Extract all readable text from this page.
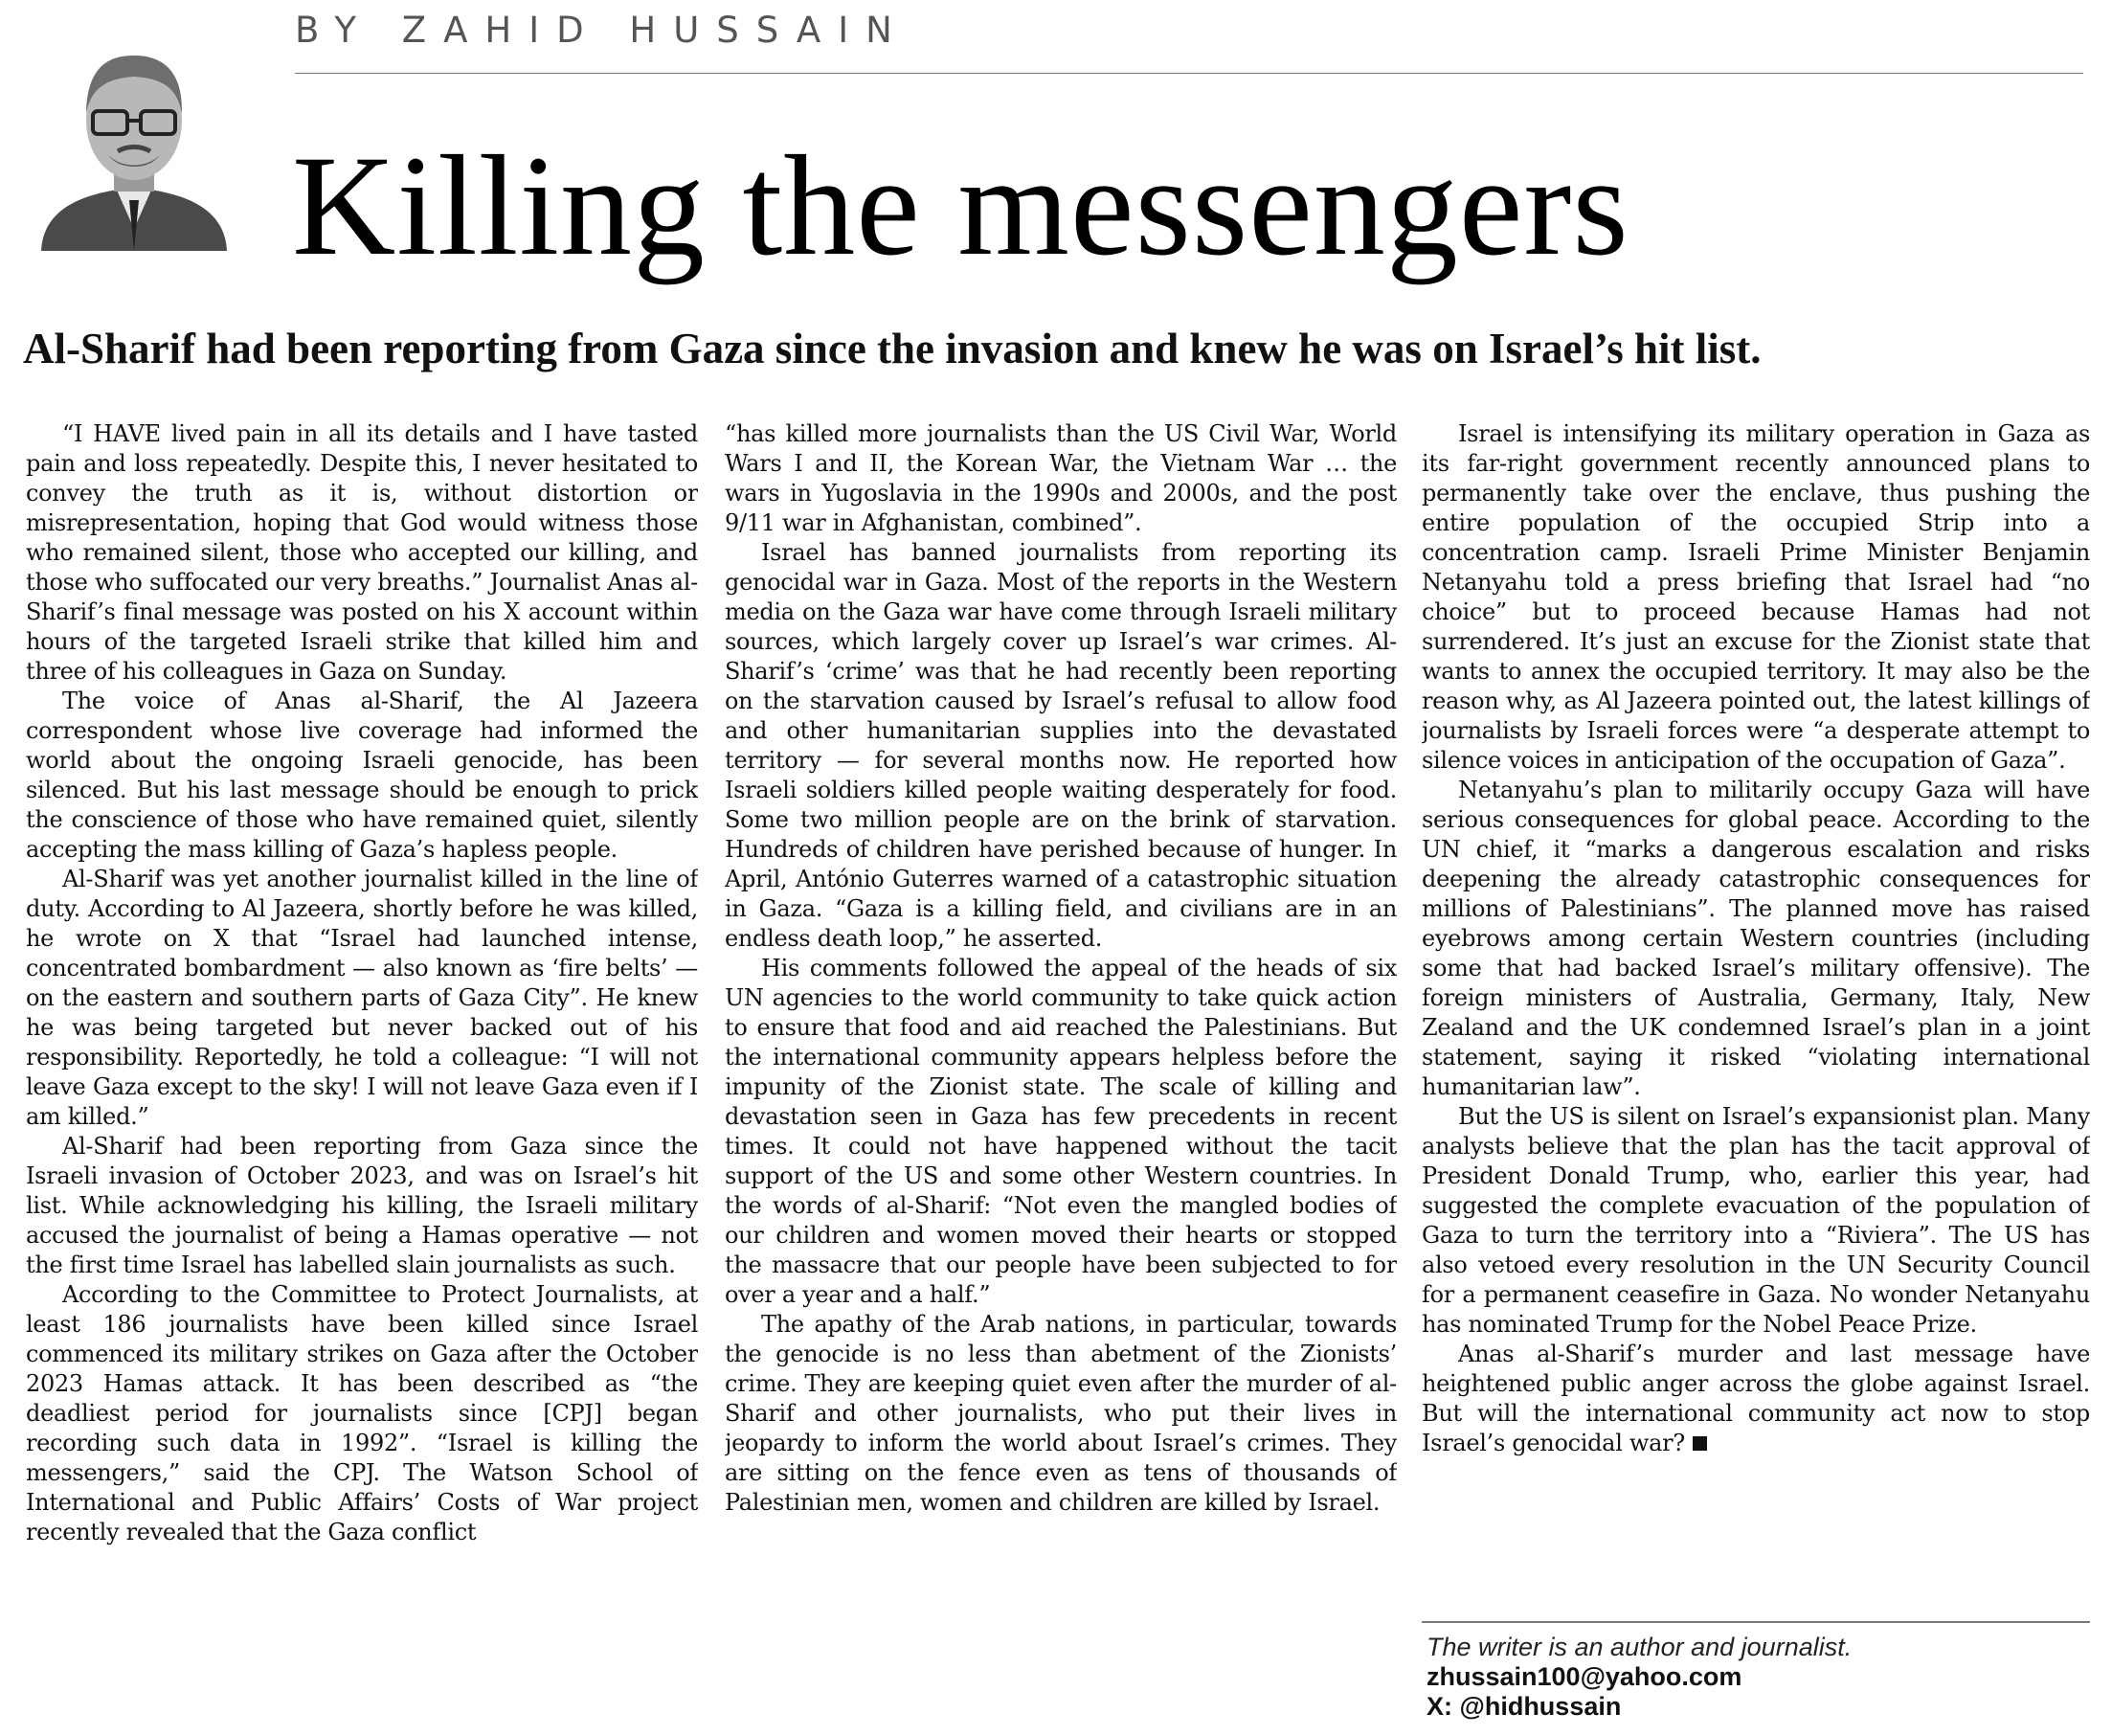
BY ZAHID HUSSAIN
Killing the messengers
Al-Sharif had been reporting from Gaza since the invasion and knew he was on Israel’s hit list.

“I HAVE lived pain in all its details and I have tasted pain and loss repeatedly. Despite this, I never hesitated to convey the truth as it is, without distortion or misrepresentation, hoping that God would witness those who remained silent, those who accepted our killing, and those who suffocated our very breaths.” Journalist Anas al-Sharif’s final message was posted on his X account within hours of the targeted Israeli strike that killed him and three of his colleagues in Gaza on Sunday.

The voice of Anas al-Sharif, the Al Jazeera correspondent whose live coverage had informed the world about the ongoing Israeli genocide, has been silenced. But his last message should be enough to prick the conscience of those who have remained quiet, silently accepting the mass killing of Gaza’s hapless people.

Al-Sharif was yet another journalist killed in the line of duty. According to Al Jazeera, shortly before he was killed, he wrote on X that “Israel had launched intense, concentrated bombardment — also known as ‘fire belts’ — on the eastern and southern parts of Gaza City”. He knew he was being targeted but never backed out of his responsibility. Reportedly, he told a colleague: “I will not leave Gaza except to the sky! I will not leave Gaza even if I am killed.”

Al-Sharif had been reporting from Gaza since the Israeli invasion of October 2023, and was on Israel’s hit list. While acknowledging his killing, the Israeli military accused the journalist of being a Hamas operative — not the first time Israel has labelled slain journalists as such.

According to the Committee to Protect Journalists, at least 186 journalists have been killed since Israel commenced its military strikes on Gaza after the October 2023 Hamas attack. It has been described as “the deadliest period for journalists since [CPJ] began recording such data in 1992”. “Israel is killing the messengers,” said the CPJ. The Watson School of International and Public Affairs’ Costs of War project recently revealed that the Gaza conflict

“has killed more journalists than the US Civil War, World Wars I and II, the Korean War, the Vietnam War … the wars in Yugoslavia in the 1990s and 2000s, and the post 9/11 war in Afghanistan, combined”.

Israel has banned journalists from reporting its genocidal war in Gaza. Most of the reports in the Western media on the Gaza war have come through Israeli military sources, which largely cover up Israel’s war crimes. Al-Sharif’s ‘crime’ was that he had recently been reporting on the starvation caused by Israel’s refusal to allow food and other humanitarian supplies into the devastated territory — for several months now. He reported how Israeli soldiers killed people waiting desperately for food. Some two million people are on the brink of starvation. Hundreds of children have perished because of hunger. In April, António Guterres warned of a catastrophic situation in Gaza. “Gaza is a killing field, and civilians are in an endless death loop,” he asserted.

His comments followed the appeal of the heads of six UN agencies to the world community to take quick action to ensure that food and aid reached the Palestinians. But the international community appears helpless before the impunity of the Zionist state. The scale of killing and devastation seen in Gaza has few precedents in recent times. It could not have happened without the tacit support of the US and some other Western countries. In the words of al-Sharif: “Not even the mangled bodies of our children and women moved their hearts or stopped the massacre that our people have been subjected to for over a year and a half.”

The apathy of the Arab nations, in particular, towards the genocide is no less than abetment of the Zionists’ crime. They are keeping quiet even after the murder of al-Sharif and other journalists, who put their lives in jeopardy to inform the world about Israel’s crimes. They are sitting on the fence even as tens of thousands of Palestinian men, women and children are killed by Israel.

Israel is intensifying its military operation in Gaza as its far-right government recently announced plans to permanently take over the enclave, thus pushing the entire population of the occupied Strip into a concentration camp. Israeli Prime Minister Benjamin Netanyahu told a press briefing that Israel had “no choice” but to proceed because Hamas had not surrendered. It’s just an excuse for the Zionist state that wants to annex the occupied territory. It may also be the reason why, as Al Jazeera pointed out, the latest killings of journalists by Israeli forces were “a desperate attempt to silence voices in anticipation of the occupation of Gaza”.

Netanyahu’s plan to militarily occupy Gaza will have serious consequences for global peace. According to the UN chief, it “marks a dangerous escalation and risks deepening the already catastrophic consequences for millions of Palestinians”. The planned move has raised eyebrows among certain Western countries (including some that had backed Israel’s military offensive). The foreign ministers of Australia, Germany, Italy, New Zealand and the UK condemned Israel’s plan in a joint statement, saying it risked “violating international humanitarian law”.

But the US is silent on Israel’s expansionist plan. Many analysts believe that the plan has the tacit approval of President Donald Trump, who, earlier this year, had suggested the complete evacuation of the population of Gaza to turn the territory into a “Riviera”. The US has also vetoed every resolution in the UN Security Council for a permanent ceasefire in Gaza. No wonder Netanyahu has nominated Trump for the Nobel Peace Prize.

Anas al-Sharif’s murder and last message have heightened public anger across the globe against Israel. But will the international community act now to stop Israel’s genocidal war?

The writer is an author and journalist.
zhussain100@yahoo.com
X: @hidhussain
